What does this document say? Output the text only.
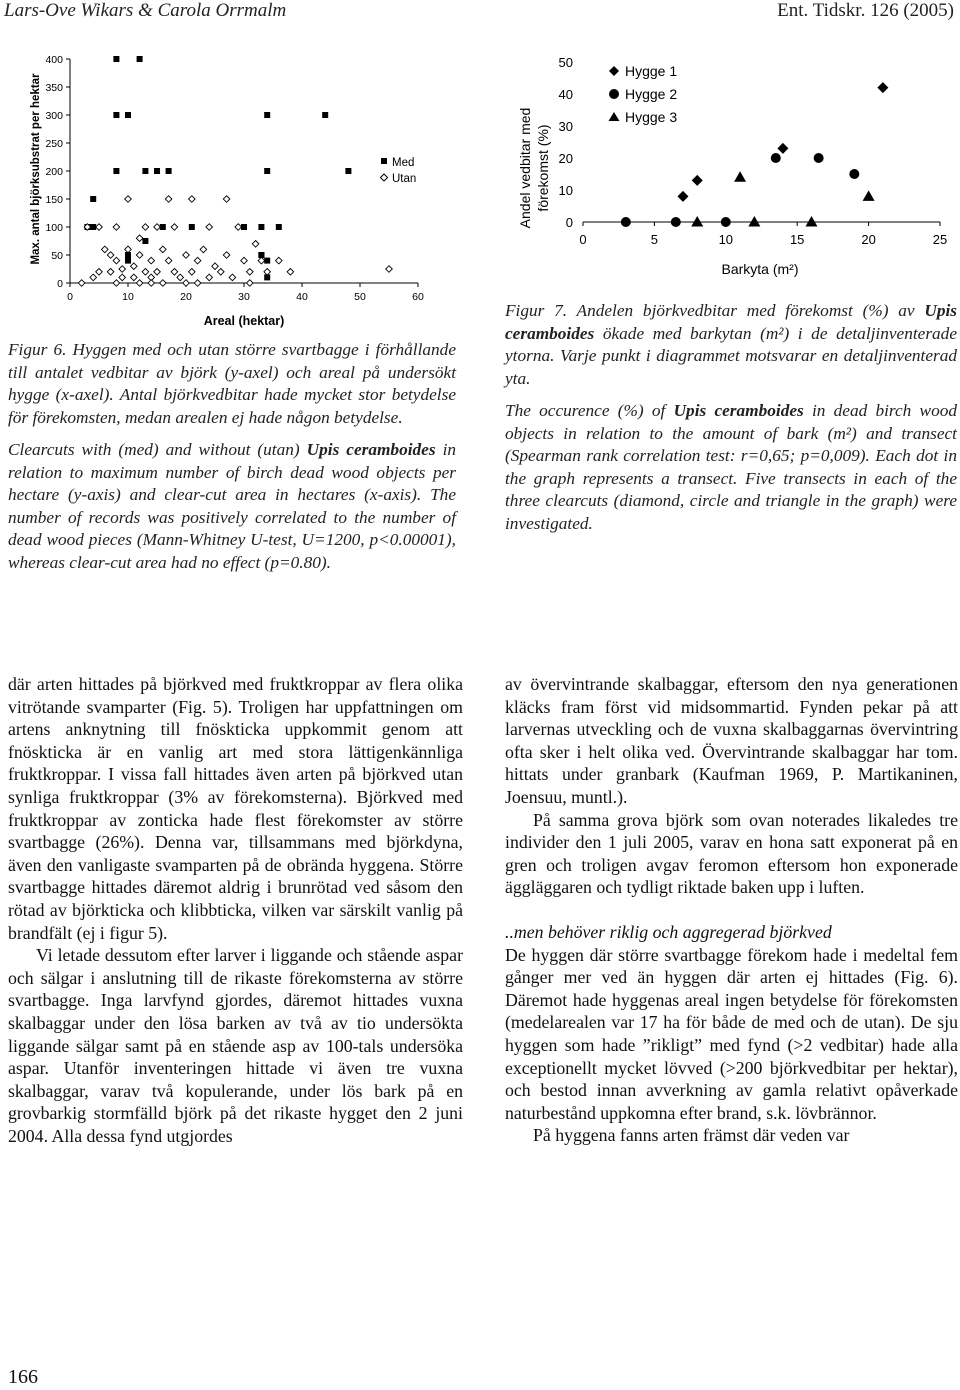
Lars-Ove Wikars & Carola Orrmalm	Ent. Tidskr. 126 (2005)
Max. antal björksubstrat per hektar
Areal (hektar)
0
50
100
150
200
250
300
350
400
0	10	20	30	40	50	60
Med
Utan	Andel vedbitar med förekomst (%)
Barkyta (m²)
0
10
20
30
40
50
0	5	10	15	20	25
Hygge 1
Hygge 2
Hygge 3

Figur 6. Hyggen med och utan större svartbagge i förhållande till antalet vedbitar av björk (y-axel) och areal på undersökt hygge (x-axel). Antal björkvedbitar hade mycket stor betydelse för förekomsten, medan arealen ej hade någon betydelse.

Clearcuts with (med) and without (utan) Upis ceramboides in relation to maximum number of birch dead wood objects per hectare (y-axis) and clear-cut area in hectares (x-axis). The number of records was positively correlated to the number of dead wood pieces (Mann-Whitney U-test, U=1200, p<0.00001), whereas clear-cut area had no effect (p=0.80).

Figur 7. Andelen björkvedbitar med förekomst (%) av Upis ceramboides ökade med barkytan (m²) i de detaljinventerade ytorna. Varje punkt i diagrammet motsvarar en detaljinventerad yta.

The occurence (%) of Upis ceramboides in dead birch wood objects in relation to the amount of bark (m²) and transect (Spearman rank correlation test: r=0,65; p=0,009). Each dot in the graph represents a transect. Five transects in each of the three clearcuts (diamond, circle and triangle in the graph) were investigated.

där arten hittades på björkved med fruktkroppar av flera olika vitrötande svamparter (Fig. 5). Troligen har uppfattningen om artens anknytning till fnösktickа uppkommit genom att fnöskticka är en vanlig art med stora lättigenkännliga fruktkroppar. I vissa fall hittades även arten på björkved utan synliga fruktkroppar (3% av förekomsterna). Björkved med fruktkroppar av zonticka hade flest förekomster av större svartbagge (26%). Denna var, tillsammans med björkdyna, även den vanligaste svamparten på de obrända hyggena. Större svartbagge hittades däremot aldrig i brunrötad ved såsom den rötad av björkticka och klibbticka, vilken var särskilt vanlig på brandfält (ej i figur 5).

Vi letade dessutom efter larver i liggande och stående aspar och sälgar i anslutning till de rikaste förekomsterna av större svartbagge. Inga larvfynd gjordes, däremot hittades vuxna skalbaggar under den lösa barken av två av tio undersökta liggande sälgar samt på en stående asp av 100-tals undersöka aspar. Utanför inventeringen hittade vi även tre vuxna skalbaggar, varav två kopulerande, under lös bark på en grovbarkig stormfälld björk på det rikaste hygget den 2 juni 2004. Alla dessa fynd utgjordes

av övervintrande skalbaggar, eftersom den nya generationen kläcks fram först vid midsommartid. Fynden pekar på att larvernas utveckling och de vuxna skalbaggarnas övervintring ofta sker i helt olika ved. Övervintrande skalbaggar har tom. hittats under granbark (Kaufman 1969, P. Martikaninen, Joensuu, muntl.).

På samma grova björk som ovan noterades likaledes tre individer den 1 juli 2005, varav en hona satt exponerat på en gren och troligen avgav feromon eftersom hon exponerade äggläggaren och tydligt riktade baken upp i luften.

..men behöver riklig och aggregerad björkved

De hyggen där större svartbagge förekom hade i medeltal fem gånger mer ved än hyggen där arten ej hittades (Fig. 6). Däremot hade hyggenas areal ingen betydelse för förekomsten (medelarealen var 17 ha för både de med och de utan). De sju hyggen som hade ”rikligt” med fynd (>2 vedbitar) hade alla exceptionellt mycket lövved (>200 björkvedbitar per hektar), och bestod innan avverkning av gamla relativt opåverkade naturbestånd uppkomna efter brand, s.k. lövbrännor.

På hyggena fanns arten främst där veden var

166
